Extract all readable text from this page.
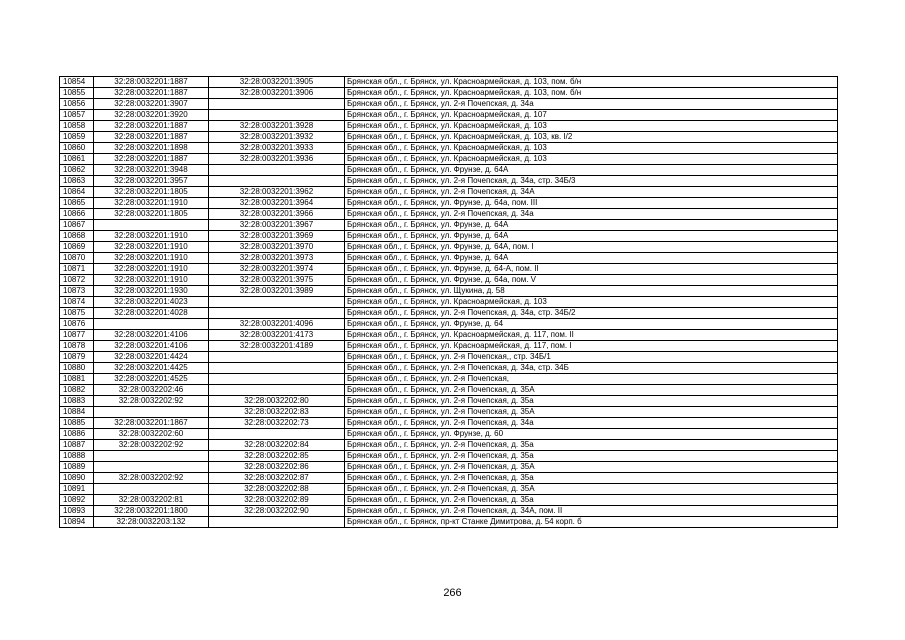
10854	32:28:0032201:1887	32:28:0032201:3905	Брянская обл., г. Брянск, ул. Красноармейская, д. 103, пом. б/н
10855	32:28:0032201:1887	32:28:0032201:3906	Брянская обл., г. Брянск, ул. Красноармейская, д. 103, пом. б/н
10856	32:28:0032201:3907		Брянская обл., г. Брянск, ул. 2-я Почепская, д. 34а
10857	32:28:0032201:3920		Брянская обл., г. Брянск, ул. Красноармейская, д. 107
10858	32:28:0032201:1887	32:28:0032201:3928	Брянская обл., г. Брянск, ул. Красноармейская, д. 103
10859	32:28:0032201:1887	32:28:0032201:3932	Брянская обл., г. Брянск, ул. Красноармейская, д. 103, кв. I/2
10860	32:28:0032201:1898	32:28:0032201:3933	Брянская обл., г. Брянск, ул. Красноармейская, д. 103
10861	32:28:0032201:1887	32:28:0032201:3936	Брянская обл., г. Брянск, ул. Красноармейская, д. 103
10862	32:28:0032201:3948		Брянская обл., г. Брянск, ул. Фрунзе, д. 64А
10863	32:28:0032201:3957		Брянская обл., г. Брянск, ул. 2-я Почепская, д. 34а, стр. 34Б/3
10864	32:28:0032201:1805	32:28:0032201:3962	Брянская обл., г. Брянск, ул. 2-я Почепская, д. 34А
10865	32:28:0032201:1910	32:28:0032201:3964	Брянская обл., г. Брянск, ул. Фрунзе, д. 64а, пом. III
10866	32:28:0032201:1805	32:28:0032201:3966	Брянская обл., г. Брянск, ул. 2-я Почепская, д. 34а
10867		32:28:0032201:3967	Брянская обл., г. Брянск, ул. Фрунзе, д. 64А
10868	32:28:0032201:1910	32:28:0032201:3969	Брянская обл., г. Брянск, ул. Фрунзе, д. 64А
10869	32:28:0032201:1910	32:28:0032201:3970	Брянская обл., г. Брянск, ул. Фрунзе, д. 64А, пом. I
10870	32:28:0032201:1910	32:28:0032201:3973	Брянская обл., г. Брянск, ул. Фрунзе, д. 64А
10871	32:28:0032201:1910	32:28:0032201:3974	Брянская обл., г. Брянск, ул. Фрунзе, д. 64-А, пом. II
10872	32:28:0032201:1910	32:28:0032201:3975	Брянская обл., г. Брянск, ул. Фрунзе, д. 64а, пом. V
10873	32:28:0032201:1930	32:28:0032201:3989	Брянская обл., г. Брянск, ул. Щукина, д. 58
10874	32:28:0032201:4023		Брянская обл., г. Брянск, ул. Красноармейская, д. 103
10875	32:28:0032201:4028		Брянская обл., г. Брянск, ул. 2-я Почепская, д. 34а, стр. 34Б/2
10876		32:28:0032201:4096	Брянская обл., г. Брянск, ул. Фрунзе, д. 64
10877	32:28:0032201:4106	32:28:0032201:4173	Брянская обл., г. Брянск, ул. Красноармейская, д. 117, пом. II
10878	32:28:0032201:4106	32:28:0032201:4189	Брянская обл., г. Брянск, ул. Красноармейская, д. 117, пом. I
10879	32:28:0032201:4424		Брянская обл., г. Брянск, ул. 2-я Почепская,, стр. 34Б/1
10880	32:28:0032201:4425		Брянская обл., г. Брянск, ул. 2-я Почепская, д. 34а, стр. 34Б
10881	32:28:0032201:4525		Брянская обл., г. Брянск, ул. 2-я Почепская,
10882	32:28:0032202:46		Брянская обл., г. Брянск, ул. 2-я Почепская, д. 35А
10883	32:28:0032202:92	32:28:0032202:80	Брянская обл., г. Брянск, ул. 2-я Почепская, д. 35а
10884		32:28:0032202:83	Брянская обл., г. Брянск, ул. 2-я Почепская, д. 35А
10885	32:28:0032201:1867	32:28:0032202:73	Брянская обл., г. Брянск, ул. 2-я Почепская, д. 34а
10886	32:28:0032202:60		Брянская обл., г. Брянск, ул. Фрунзе, д. 60
10887	32:28:0032202:92	32:28:0032202:84	Брянская обл., г. Брянск, ул. 2-я Почепская, д. 35а
10888		32:28:0032202:85	Брянская обл., г. Брянск, ул. 2-я Почепская, д. 35а
10889		32:28:0032202:86	Брянская обл., г. Брянск, ул. 2-я Почепская, д. 35А
10890	32:28:0032202:92	32:28:0032202:87	Брянская обл., г. Брянск, ул. 2-я Почепская, д. 35а
10891		32:28:0032202:88	Брянская обл., г. Брянск, ул. 2-я Почепская, д. 35А
10892	32:28:0032202:81	32:28:0032202:89	Брянская обл., г. Брянск, ул. 2-я Почепская, д. 35а
10893	32:28:0032201:1800	32:28:0032202:90	Брянская обл., г. Брянск, ул. 2-я Почепская, д. 34А, пом. II
10894	32:28:0032203:132		Брянская обл., г. Брянск, пр-кт Станке Димитрова, д. 54 корп. б
266
